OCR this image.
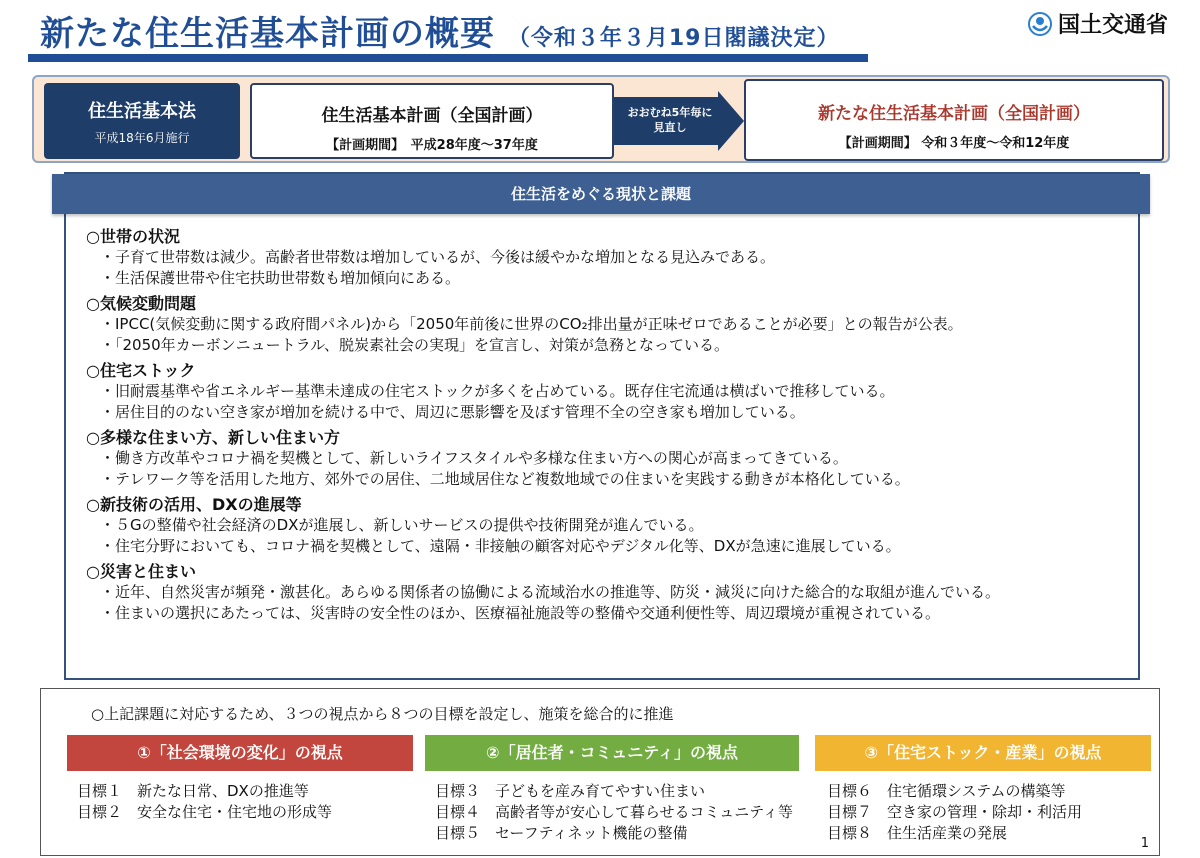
新たな住生活基本計画の概要 （令和３年３月19日閣議決定）
国土交通省
住生活基本法
平成18年6月施行
住生活基本計画（全国計画）
【計画期間】　平成28年度～37年度
おおむね5年毎に
見直し
新たな住生活基本計画（全国計画）
【計画期間】 令和３年度～令和12年度
住生活をめぐる現状と課題
○世帯の状況
・子育て世帯数は減少。高齢者世帯数は増加しているが、今後は緩やかな増加となる見込みである。
・生活保護世帯や住宅扶助世帯数も増加傾向にある。
○気候変動問題
・IPCC(気候変動に関する政府間パネル)から「2050年前後に世界のCO₂排出量が正味ゼロであることが必要」との報告が公表。
・「2050年カーボンニュートラル、脱炭素社会の実現」を宣言し、対策が急務となっている。
○住宅ストック
・旧耐震基準や省エネルギー基準未達成の住宅ストックが多くを占めている。既存住宅流通は横ばいで推移している。
・居住目的のない空き家が増加を続ける中で、周辺に悪影響を及ぼす管理不全の空き家も増加している。
○多様な住まい方、新しい住まい方
・働き方改革やコロナ禍を契機として、新しいライフスタイルや多様な住まい方への関心が高まってきている。
・テレワーク等を活用した地方、郊外での居住、二地域居住など複数地域での住まいを実践する動きが本格化している。
○新技術の活用、DXの進展等
・５Gの整備や社会経済のDXが進展し、新しいサービスの提供や技術開発が進んでいる。
・住宅分野においても、コロナ禍を契機として、遠隔・非接触の顧客対応やデジタル化等、DXが急速に進展している。
○災害と住まい
・近年、自然災害が頻発・激甚化。あらゆる関係者の協働による流域治水の推進等、防災・減災に向けた総合的な取組が進んでいる。
・住まいの選択にあたっては、災害時の安全性のほか、医療福祉施設等の整備や交通利便性等、周辺環境が重視されている。
○上記課題に対応するため、３つの視点から８つの目標を設定し、施策を総合的に推進
①「社会環境の変化」の視点	②「居住者・コミュニティ」の視点	③「住宅ストック・産業」の視点
目標１　新たな日常、DXの推進等
目標２　安全な住宅・住宅地の形成等
目標３　子どもを産み育てやすい住まい
目標４　高齢者等が安心して暮らせるコミュニティ等
目標５　セーフティネット機能の整備
目標６　住宅循環システムの構築等
目標７　空き家の管理・除却・利活用
目標８　住生活産業の発展
1
